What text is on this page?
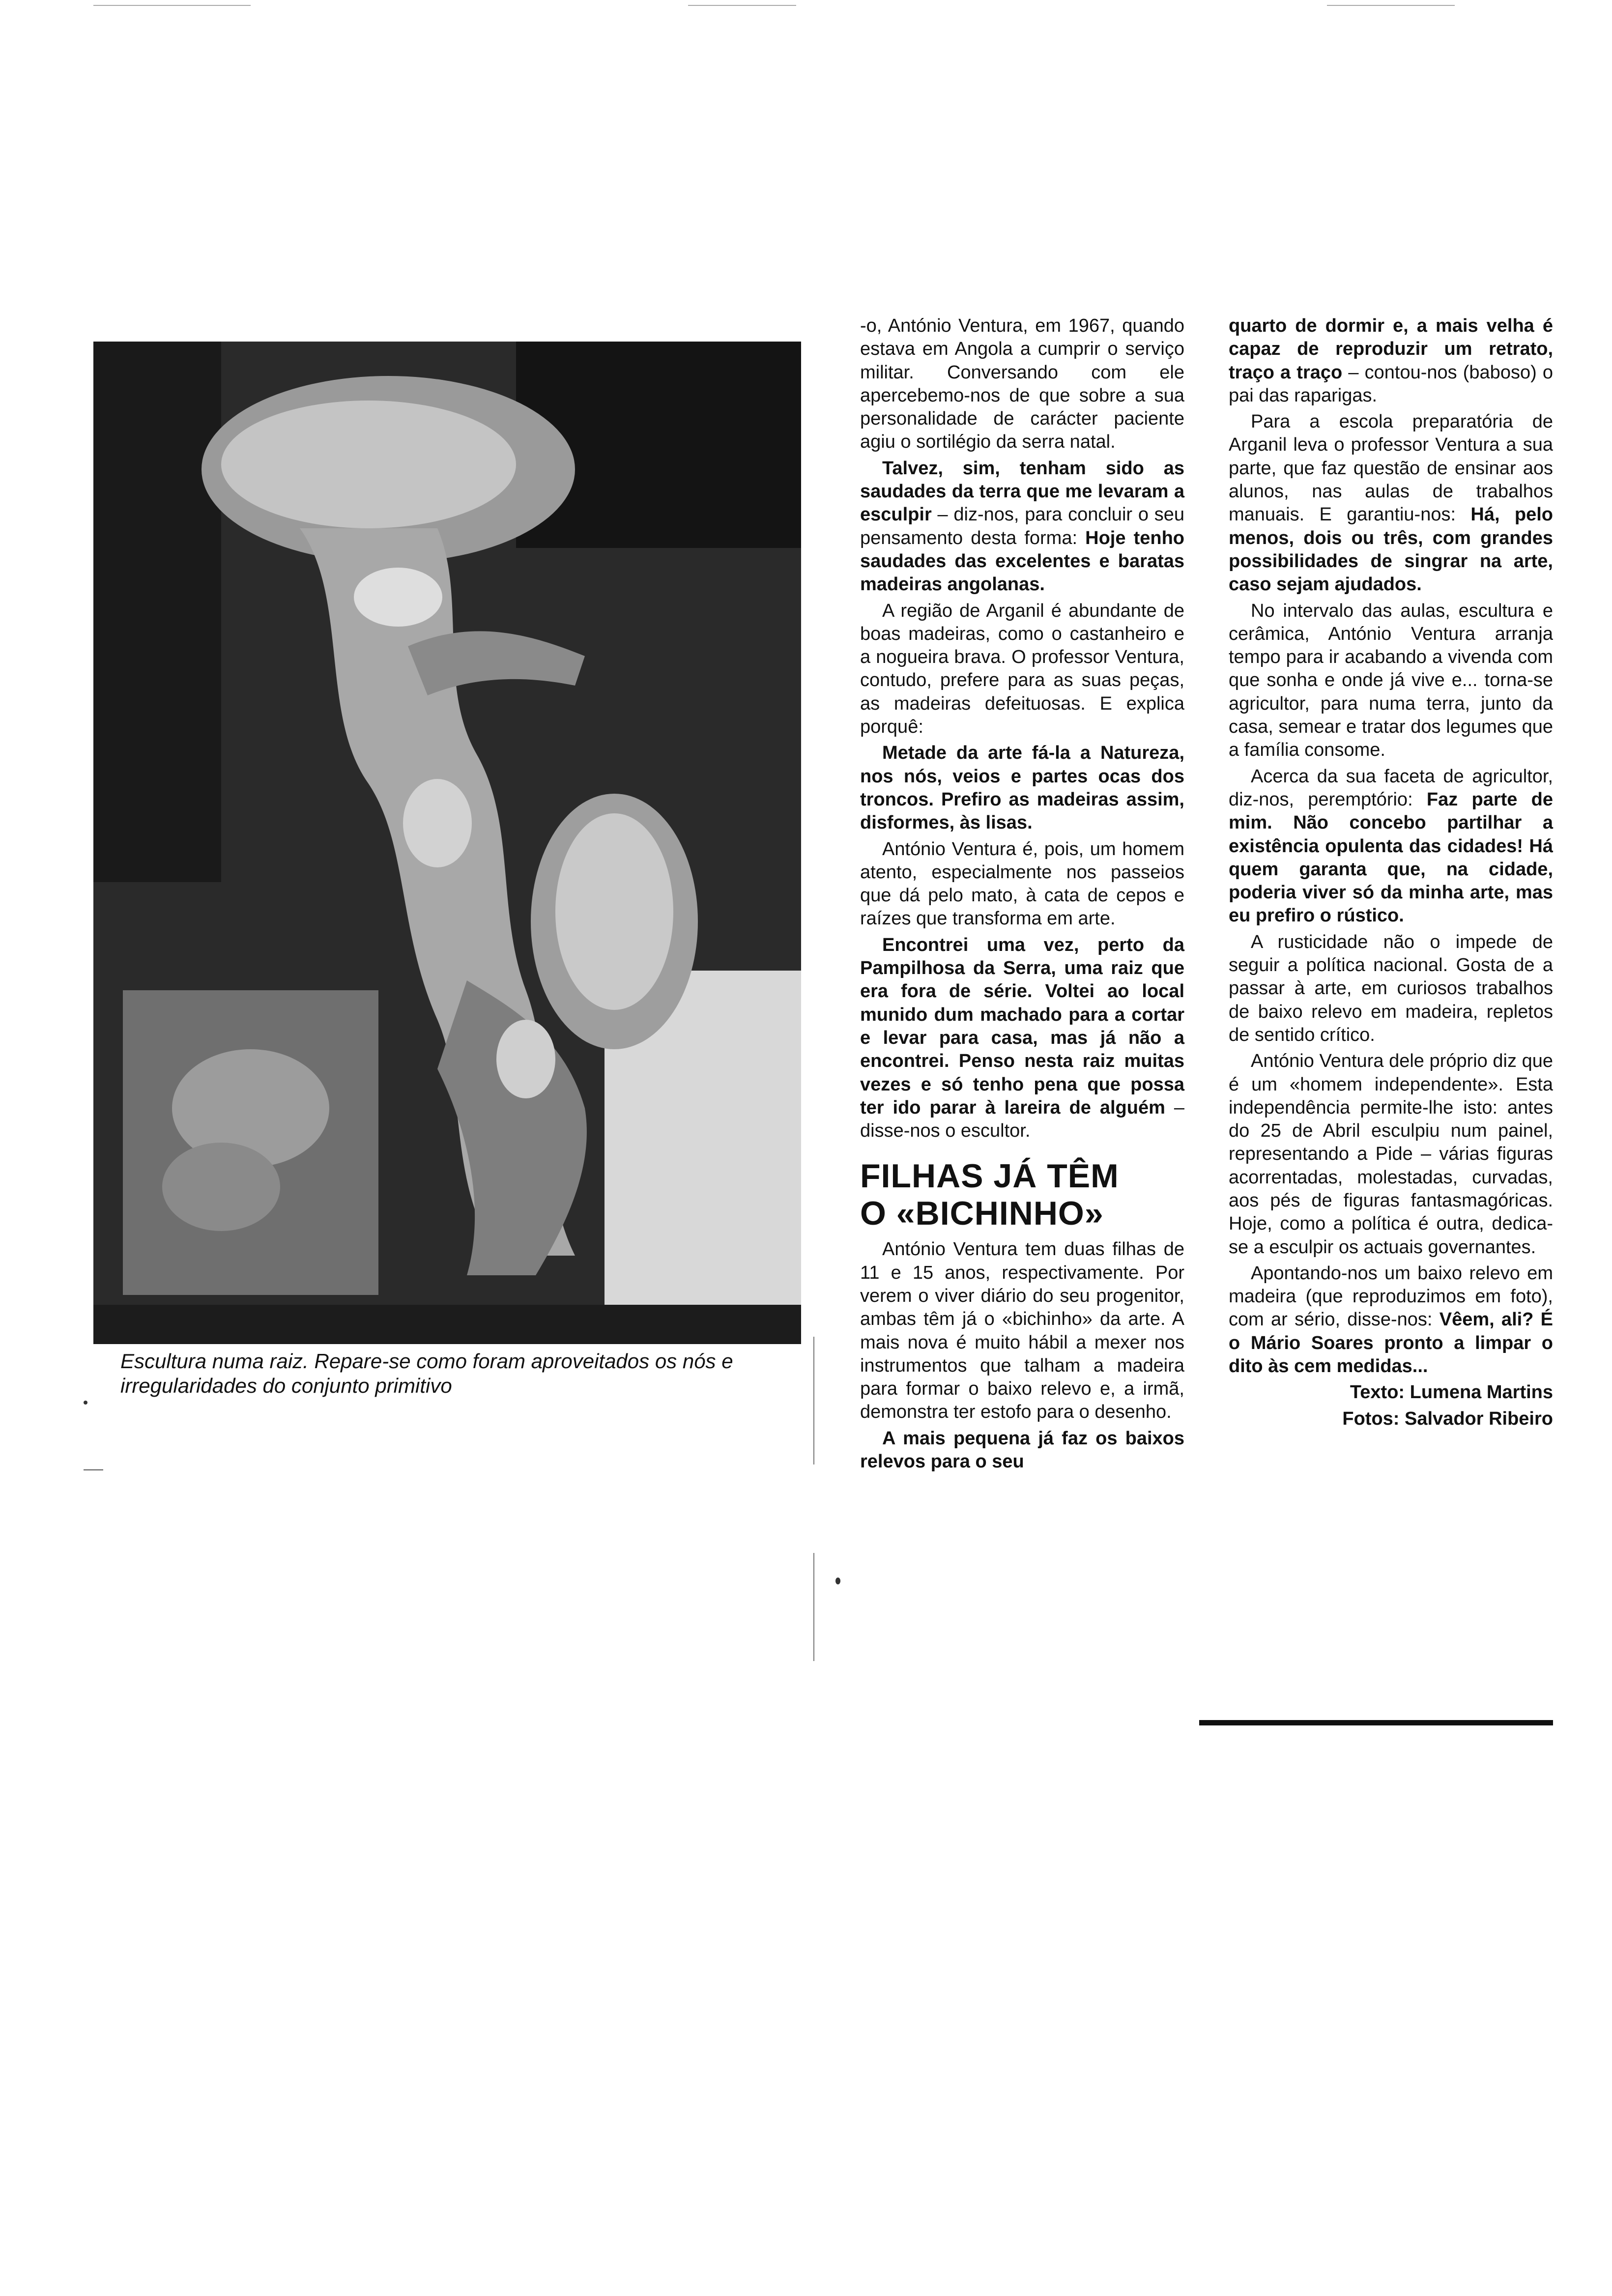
Escultura numa raiz. Repare-se como foram aproveitados os nós e irregularidades do conjunto primitivo

-o, António Ventura, em 1967, quando estava em Angola a cumprir o serviço militar. Conversando com ele apercebemo-nos de que sobre a sua personalidade de carácter paciente agiu o sortilégio da serra natal.

Talvez, sim, tenham sido as saudades da terra que me levaram a esculpir – diz-nos, para concluir o seu pensamento desta forma: Hoje tenho saudades das excelentes e baratas madeiras angolanas.

A região de Arganil é abundante de boas madeiras, como o castanheiro e a nogueira brava. O professor Ventura, contudo, prefere para as suas peças, as madeiras defeituosas. E explica porquê:

Metade da arte fá-la a Natureza, nos nós, veios e partes ocas dos troncos. Prefiro as madeiras assim, disformes, às lisas.

António Ventura é, pois, um homem atento, especialmente nos passeios que dá pelo mato, à cata de cepos e raízes que transforma em arte.

Encontrei uma vez, perto da Pampilhosa da Serra, uma raiz que era fora de série. Voltei ao local munido dum machado para a cortar e levar para casa, mas já não a encontrei. Penso nesta raiz muitas vezes e só tenho pena que possa ter ido parar à lareira de alguém – disse-nos o escultor.

FILHAS JÁ TÊM
O «BICHINHO»

António Ventura tem duas filhas de 11 e 15 anos, respectivamente. Por verem o viver diário do seu progenitor, ambas têm já o «bichinho» da arte. A mais nova é muito hábil a mexer nos instrumentos que talham a madeira para formar o baixo relevo e, a irmã, demonstra ter estofo para o desenho.

A mais pequena já faz os baixos relevos para o seu

quarto de dormir e, a mais velha é capaz de reproduzir um retrato, traço a traço – contou-nos (baboso) o pai das raparigas.

Para a escola preparatória de Arganil leva o professor Ventura a sua parte, que faz questão de ensinar aos alunos, nas aulas de trabalhos manuais. E garantiu-nos: Há, pelo menos, dois ou três, com grandes possibilidades de singrar na arte, caso sejam ajudados.

No intervalo das aulas, escultura e cerâmica, António Ventura arranja tempo para ir acabando a vivenda com que sonha e onde já vive e... torna-se agricultor, para numa terra, junto da casa, semear e tratar dos legumes que a família consome.

Acerca da sua faceta de agricultor, diz-nos, peremptório: Faz parte de mim. Não concebo partilhar a existência opulenta das cidades! Há quem garanta que, na cidade, poderia viver só da minha arte, mas eu prefiro o rústico.

A rusticidade não o impede de seguir a política nacional. Gosta de a passar à arte, em curiosos trabalhos de baixo relevo em madeira, repletos de sentido crítico.

António Ventura dele próprio diz que é um «homem independente». Esta independência permite-lhe isto: antes do 25 de Abril esculpiu num painel, representando a Pide – várias figuras acorrentadas, molestadas, curvadas, aos pés de figuras fantasmagóricas. Hoje, como a política é outra, dedica-se a esculpir os actuais governantes.

Apontando-nos um baixo relevo em madeira (que reproduzimos em foto), com ar sério, disse-nos: Vêem, ali? É o Mário Soares pronto a limpar o dito às cem medidas...

Texto: Lumena Martins

Fotos: Salvador Ribeiro
